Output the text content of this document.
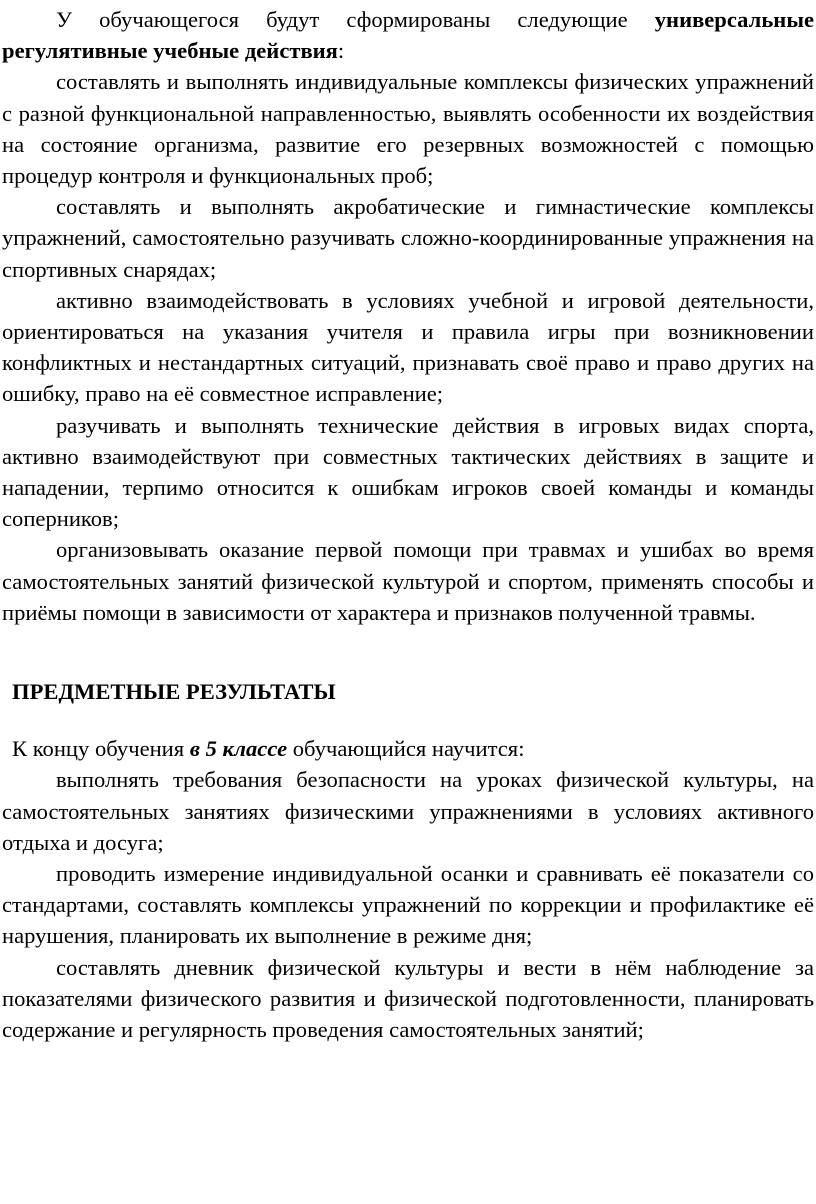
У обучающегося будут сформированы следующие универсальные регулятивные учебные действия:

составлять и выполнять индивидуальные комплексы физических упражнений с разной функциональной направленностью, выявлять особенности их воздействия на состояние организма, развитие его резервных возможностей с помощью процедур контроля и функциональных проб;

составлять и выполнять акробатические и гимнастические комплексы упражнений, самостоятельно разучивать сложно-координированные упражнения на спортивных снарядах;

активно взаимодействовать в условиях учебной и игровой деятельности, ориентироваться на указания учителя и правила игры при возникновении конфликтных и нестандартных ситуаций, признавать своё право и право других на ошибку, право на её совместное исправление;

разучивать и выполнять технические действия в игровых видах спорта, активно взаимодействуют при совместных тактических действиях в защите и нападении, терпимо относится к ошибкам игроков своей команды и команды соперников;

организовывать оказание первой помощи при травмах и ушибах во время самостоятельных занятий физической культурой и спортом, применять способы и приёмы помощи в зависимости от характера и признаков полученной травмы.

ПРЕДМЕТНЫЕ РЕЗУЛЬТАТЫ

К концу обучения в 5 классе обучающийся научится:

выполнять требования безопасности на уроках физической культуры, на самостоятельных занятиях физическими упражнениями в условиях активного отдыха и досуга;

проводить измерение индивидуальной осанки и сравнивать её показатели со стандартами, составлять комплексы упражнений по коррекции и профилактике её нарушения, планировать их выполнение в режиме дня;

составлять дневник физической культуры и вести в нём наблюдение за показателями физического развития и физической подготовленности, планировать содержание и регулярность проведения самостоятельных занятий;
